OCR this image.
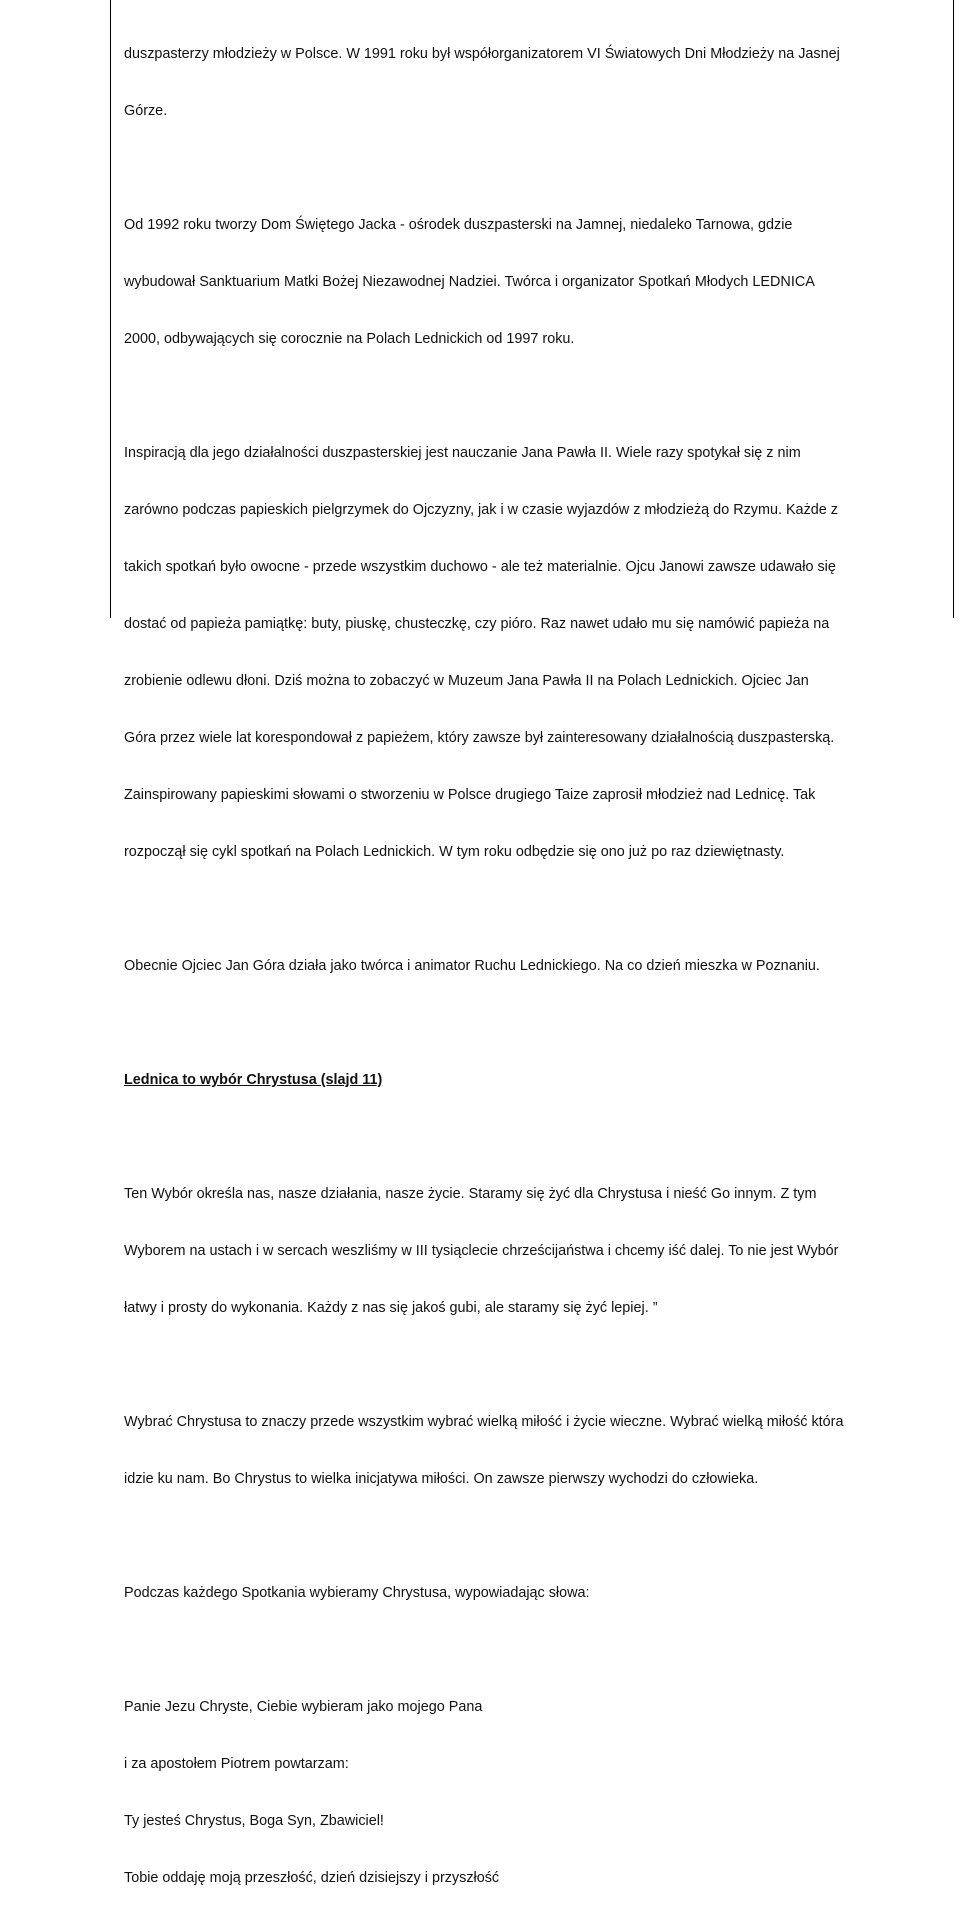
duszpasterzy młodzieży w Polsce. W 1991 roku był współorganizatorem VI Światowych Dni Młodzieży na Jasnej

Górze.

Od 1992 roku tworzy Dom Świętego Jacka - ośrodek duszpasterski na Jamnej, niedaleko Tarnowa, gdzie

wybudował Sanktuarium Matki Bożej Niezawodnej Nadziei. Twórca i organizator Spotkań Młodych LEDNICA

2000, odbywających się corocznie na Polach Lednickich od 1997 roku.

Inspiracją dla jego działalności duszpasterskiej jest nauczanie Jana Pawła II. Wiele razy spotykał się z nim

zarówno podczas papieskich pielgrzymek do Ojczyzny, jak i w czasie wyjazdów z młodzieżą do Rzymu. Każde z

takich spotkań było owocne - przede wszystkim duchowo - ale też materialnie. Ojcu Janowi zawsze udawało się

dostać od papieża pamiątkę: buty, piuskę, chusteczkę, czy pióro. Raz nawet udało mu się namówić papieża na

zrobienie odlewu dłoni. Dziś można to zobaczyć w Muzeum Jana Pawła II na Polach Lednickich. Ojciec Jan

Góra przez wiele lat korespondował z papieżem, który zawsze był zainteresowany działalnością duszpasterską.

Zainspirowany papieskimi słowami o stworzeniu w Polsce drugiego Taize zaprosił młodzież nad Lednicę. Tak

rozpoczął się cykl spotkań na Polach Lednickich. W tym roku odbędzie się ono już po raz dziewiętnasty.

Obecnie Ojciec Jan Góra działa jako twórca i animator Ruchu Lednickiego. Na co dzień mieszka w Poznaniu.

Lednica to wybór Chrystusa (slajd 11)

Ten Wybór określa nas, nasze działania, nasze życie. Staramy się żyć dla Chrystusa i nieść Go innym. Z tym

Wyborem na ustach i w sercach weszliśmy w III tysiąclecie chrześcijaństwa i chcemy iść dalej. To nie jest Wybór

łatwy i prosty do wykonania. Każdy z nas się jakoś gubi, ale staramy się żyć lepiej. ”

Wybrać Chrystusa to znaczy przede wszystkim wybrać wielką miłość i życie wieczne. Wybrać wielką miłość która

idzie ku nam. Bo Chrystus to wielka inicjatywa miłości. On zawsze pierwszy wychodzi do człowieka.

Podczas każdego Spotkania wybieramy Chrystusa, wypowiadając słowa:

Panie Jezu Chryste, Ciebie wybieram jako mojego Pana

i za apostołem Piotrem powtarzam:

Ty jesteś Chrystus, Boga Syn, Zbawiciel!

Tobie oddaję moją przeszłość, dzień dzisiejszy i przyszłość
